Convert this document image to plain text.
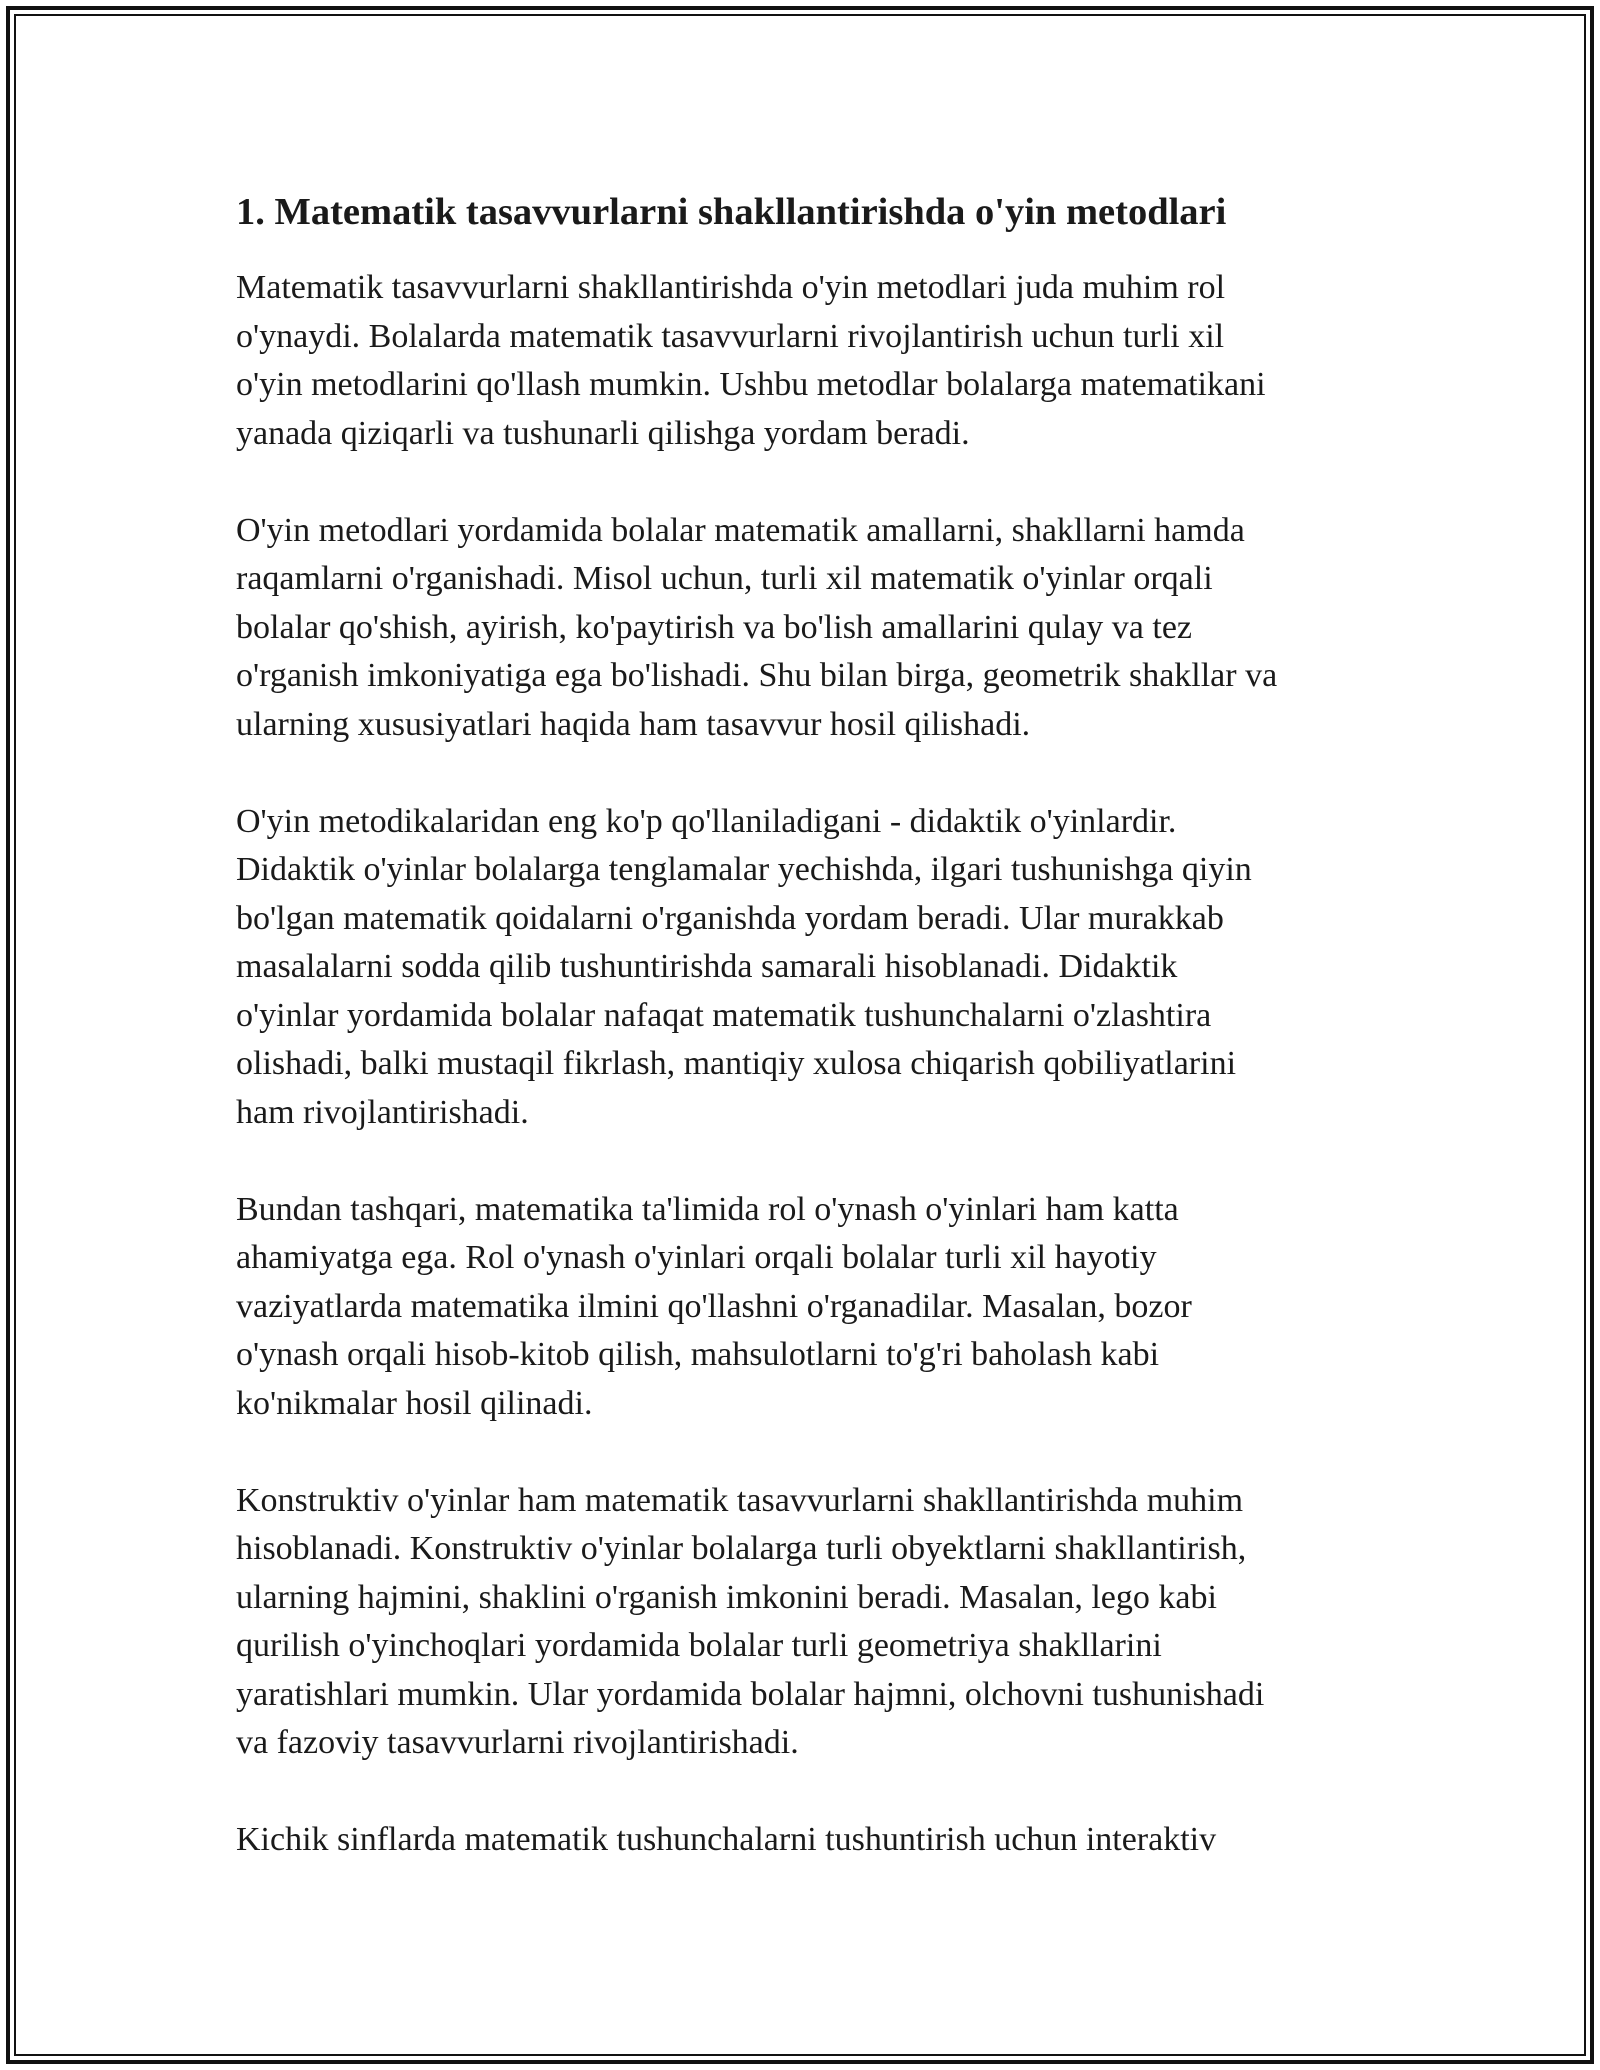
1. Matematik tasavvurlarni shakllantirishda o'yin metodlari
Matematik tasavvurlarni shakllantirishda o'yin metodlari juda muhim rol
o'ynaydi. Bolalarda matematik tasavvurlarni rivojlantirish uchun turli xil
o'yin metodlarini qo'llash mumkin. Ushbu metodlar bolalarga matematikani
yanada qiziqarli va tushunarli qilishga yordam beradi.
O'yin metodlari yordamida bolalar matematik amallarni, shakllarni hamda
raqamlarni o'rganishadi. Misol uchun, turli xil matematik o'yinlar orqali
bolalar qo'shish, ayirish, ko'paytirish va bo'lish amallarini qulay va tez
o'rganish imkoniyatiga ega bo'lishadi. Shu bilan birga, geometrik shakllar va
ularning xususiyatlari haqida ham tasavvur hosil qilishadi.
O'yin metodikalaridan eng ko'p qo'llaniladigani - didaktik o'yinlardir.
Didaktik o'yinlar bolalarga tenglamalar yechishda, ilgari tushunishga qiyin
bo'lgan matematik qoidalarni o'rganishda yordam beradi. Ular murakkab
masalalarni sodda qilib tushuntirishda samarali hisoblanadi. Didaktik
o'yinlar yordamida bolalar nafaqat matematik tushunchalarni o'zlashtira
olishadi, balki mustaqil fikrlash, mantiqiy xulosa chiqarish qobiliyatlarini
ham rivojlantirishadi.
Bundan tashqari, matematika ta'limida rol o'ynash o'yinlari ham katta
ahamiyatga ega. Rol o'ynash o'yinlari orqali bolalar turli xil hayotiy
vaziyatlarda matematika ilmini qo'llashni o'rganadilar. Masalan, bozor
o'ynash orqali hisob-kitob qilish, mahsulotlarni to'g'ri baholash kabi
ko'nikmalar hosil qilinadi.
Konstruktiv o'yinlar ham matematik tasavvurlarni shakllantirishda muhim
hisoblanadi. Konstruktiv o'yinlar bolalarga turli obyektlarni shakllantirish,
ularning hajmini, shaklini o'rganish imkonini beradi. Masalan, lego kabi
qurilish o'yinchoqlari yordamida bolalar turli geometriya shakllarini
yaratishlari mumkin. Ular yordamida bolalar hajmni, olchovni tushunishadi
va fazoviy tasavvurlarni rivojlantirishadi.
Kichik sinflarda matematik tushunchalarni tushuntirish uchun interaktiv
